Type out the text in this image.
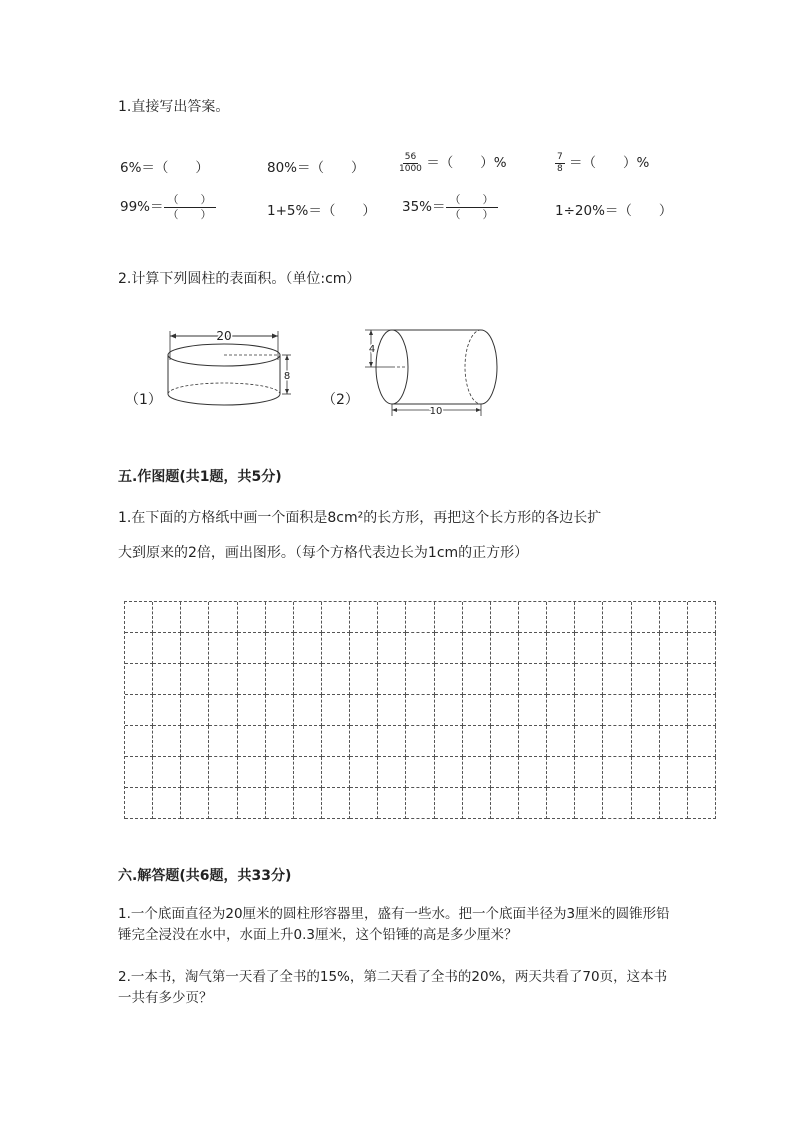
1.直接写出答案。
6%＝（　　）	80%＝（　　）	$\frac{56}{1000}$ ＝（　　）%	$\frac{7}{8}$ ＝（　　）%
$99\%= \frac{( )}{( )}$	1+5%＝（　　） $35\%= \frac{( )}{( )}$	1÷20%＝（　　）
2.计算下列圆柱的表面积。（单位:cm）
（1）
20
8
（2）
4
10
五.作图题(共1题，共5分)
1.在下面的方格纸中画一个面积是8cm²的长方形，再把这个长方形的各边长扩
大到原来的2倍，画出图形。（每个方格代表边长为1cm的正方形）
六.解答题(共6题，共33分)
1.一个底面直径为20厘米的圆柱形容器里，盛有一些水。把一个底面半径为3厘米的圆锥形铅锤完全浸没在水中，水面上升0.3厘米，这个铅锤的高是多少厘米？
2.一本书，淘气第一天看了全书的15%，第二天看了全书的20%，两天共看了70页，这本书一共有多少页？
